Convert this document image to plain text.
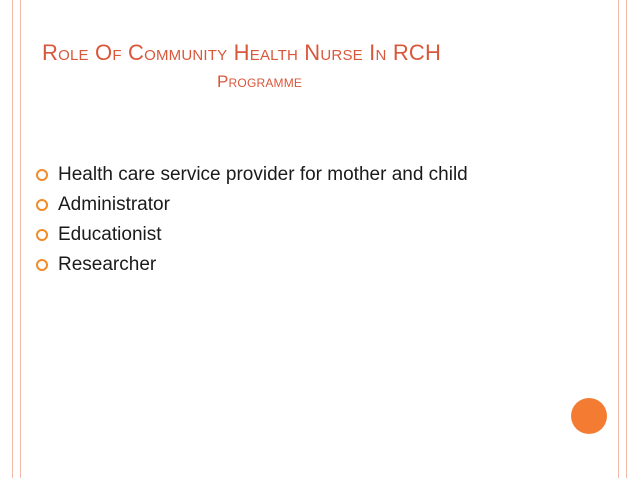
Role Of Community Health Nurse In RCH
Programme
Health care service provider for mother and child
Administrator
Educationist
Researcher
